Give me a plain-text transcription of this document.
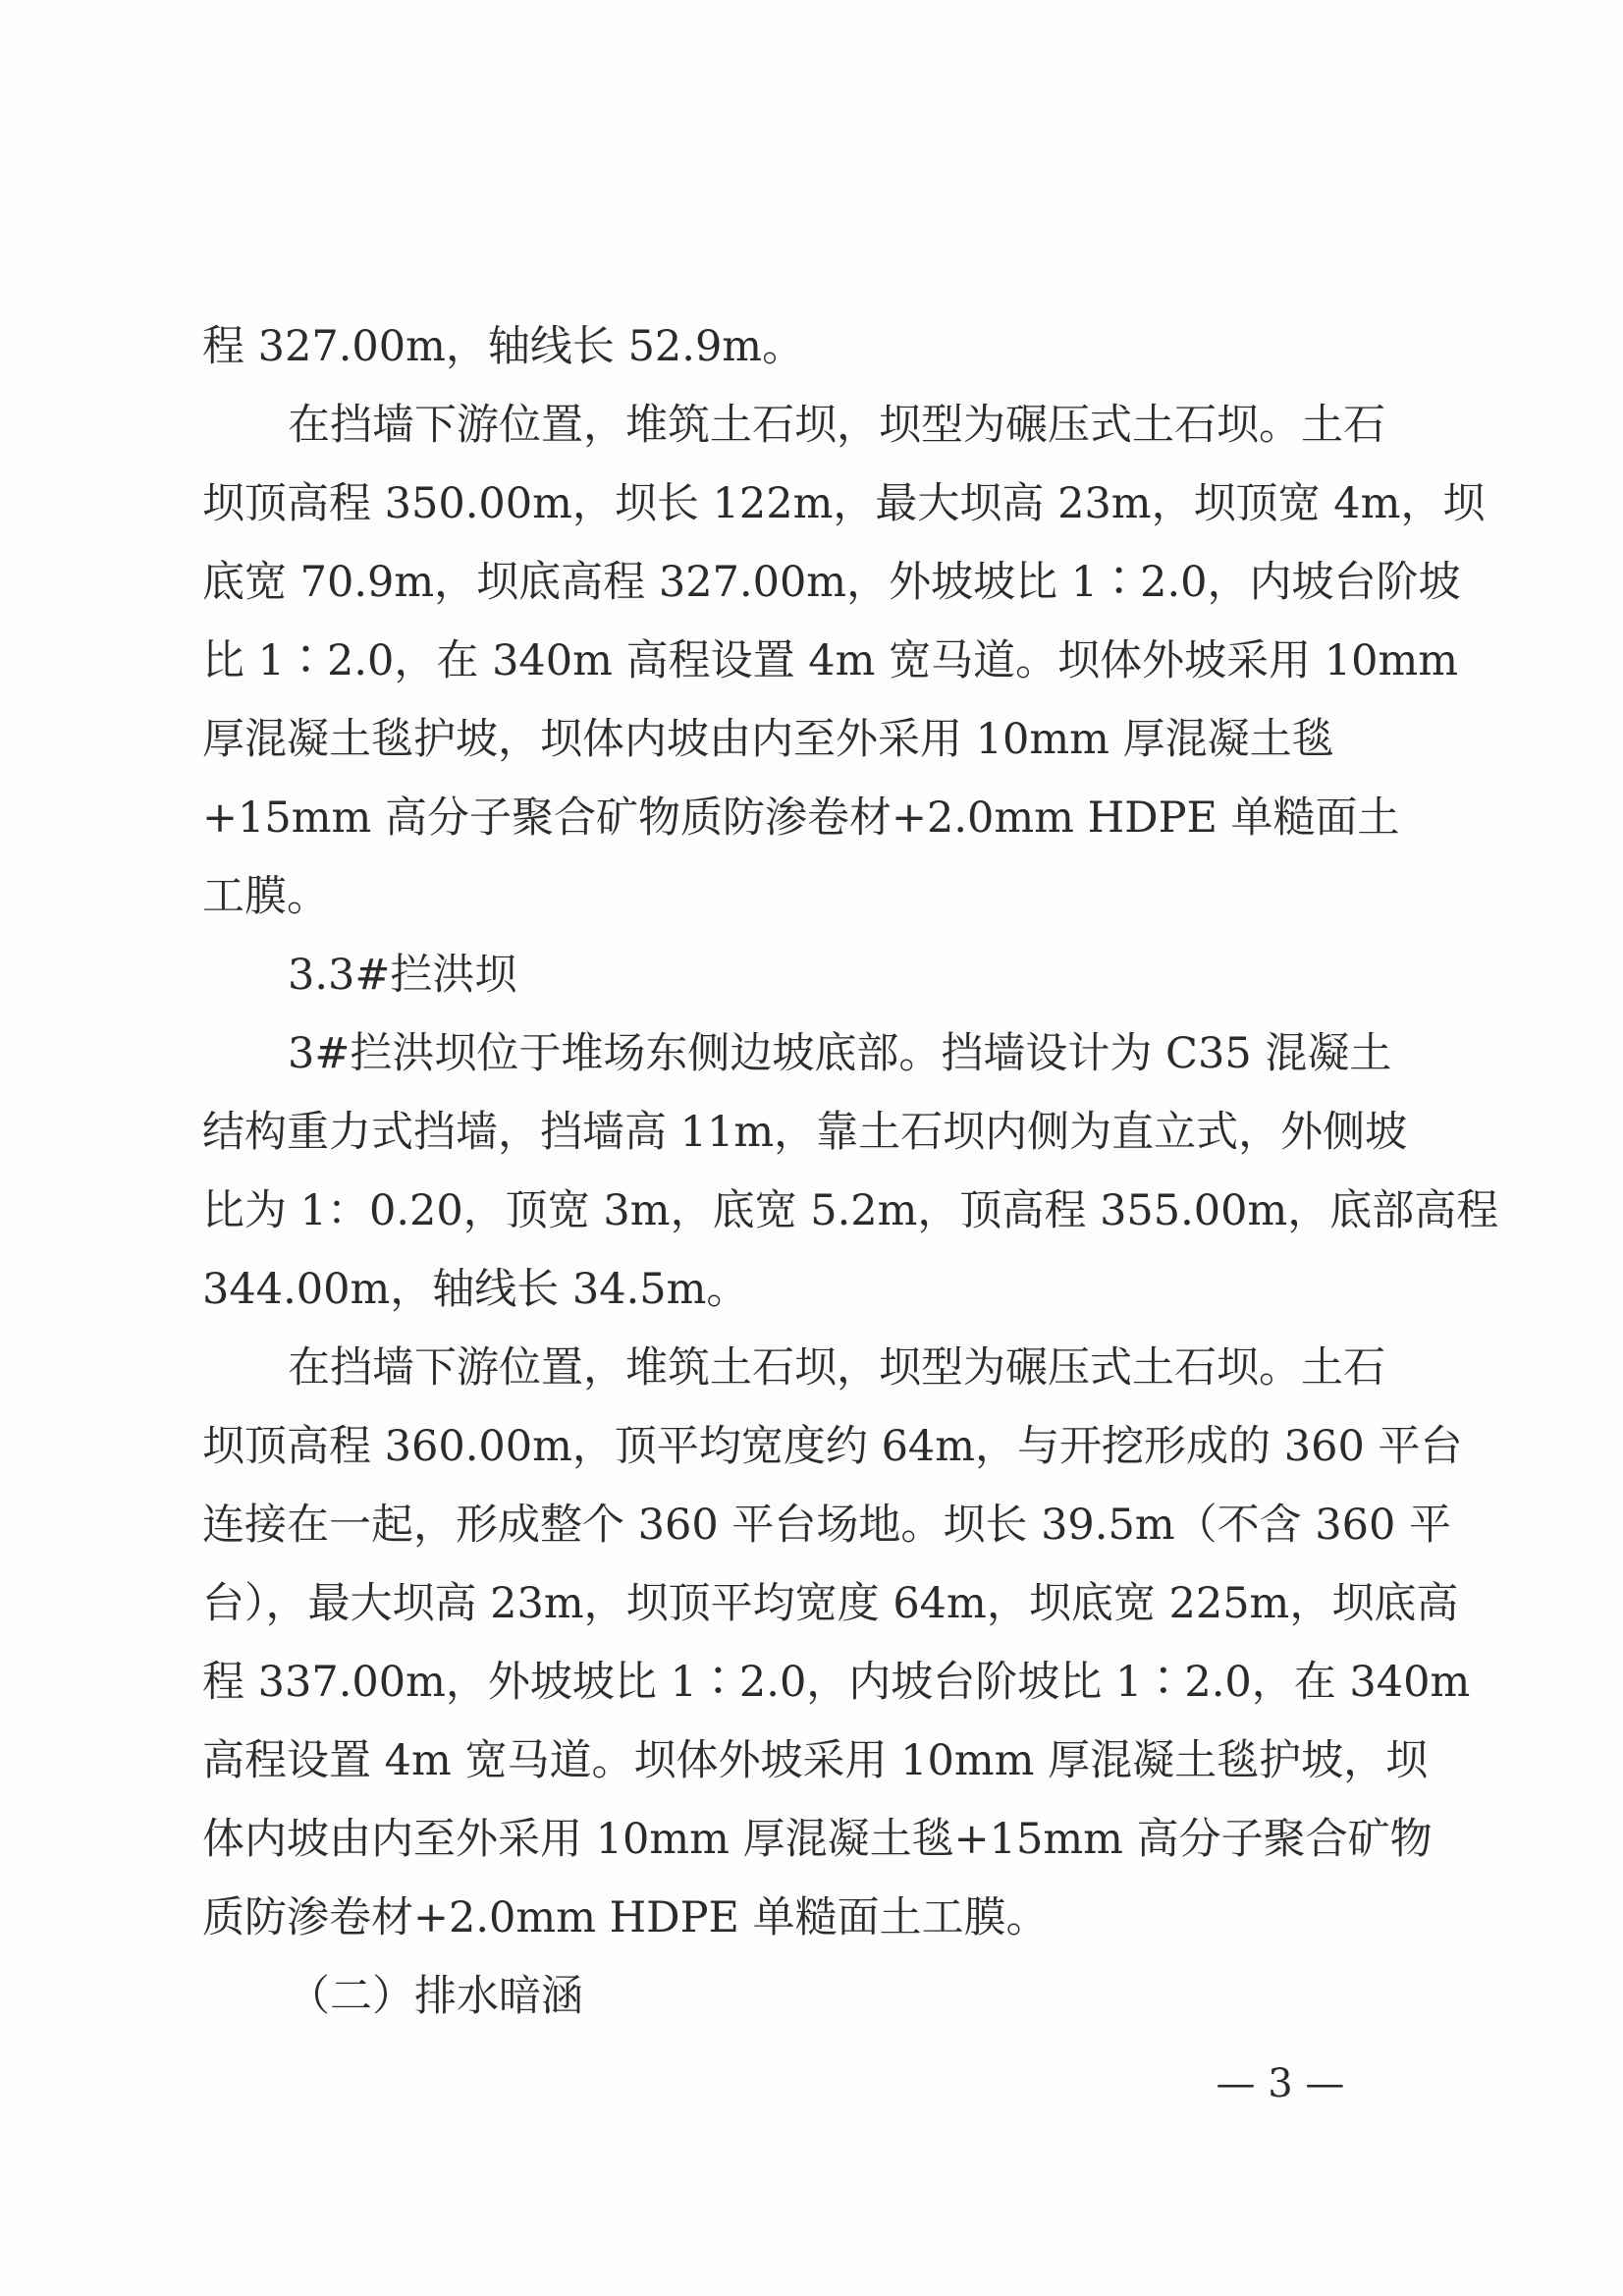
程 327.00m，轴线长 52.9m。

在挡墙下游位置，堆筑土石坝，坝型为碾压式土石坝。土石

坝顶高程 350.00m，坝长 122m，最大坝高 23m，坝顶宽 4m，坝

底宽 70.9m，坝底高程 327.00m，外坡坡比 1∶2.0，内坡台阶坡

比 1∶2.0，在 340m 高程设置 4m 宽马道。坝体外坡采用 10mm

厚混凝土毯护坡，坝体内坡由内至外采用 10mm 厚混凝土毯

+15mm 高分子聚合矿物质防渗卷材+2.0mm HDPE 单糙面土

工膜。

3.3#拦洪坝

3#拦洪坝位于堆场东侧边坡底部。挡墙设计为 C35 混凝土

结构重力式挡墙，挡墙高 11m，靠土石坝内侧为直立式，外侧坡

比为 1：0.20，顶宽 3m，底宽 5.2m，顶高程 355.00m，底部高程

344.00m，轴线长 34.5m。

在挡墙下游位置，堆筑土石坝，坝型为碾压式土石坝。土石

坝顶高程 360.00m，顶平均宽度约 64m，与开挖形成的 360 平台

连接在一起，形成整个 360 平台场地。坝长 39.5m（不含 360 平

台），最大坝高 23m，坝顶平均宽度 64m，坝底宽 225m，坝底高

程 337.00m，外坡坡比 1∶2.0，内坡台阶坡比 1∶2.0，在 340m

高程设置 4m 宽马道。坝体外坡采用 10mm 厚混凝土毯护坡，坝

体内坡由内至外采用 10mm 厚混凝土毯+15mm 高分子聚合矿物

质防渗卷材+2.0mm HDPE 单糙面土工膜。

（二）排水暗涵

— 3 —
